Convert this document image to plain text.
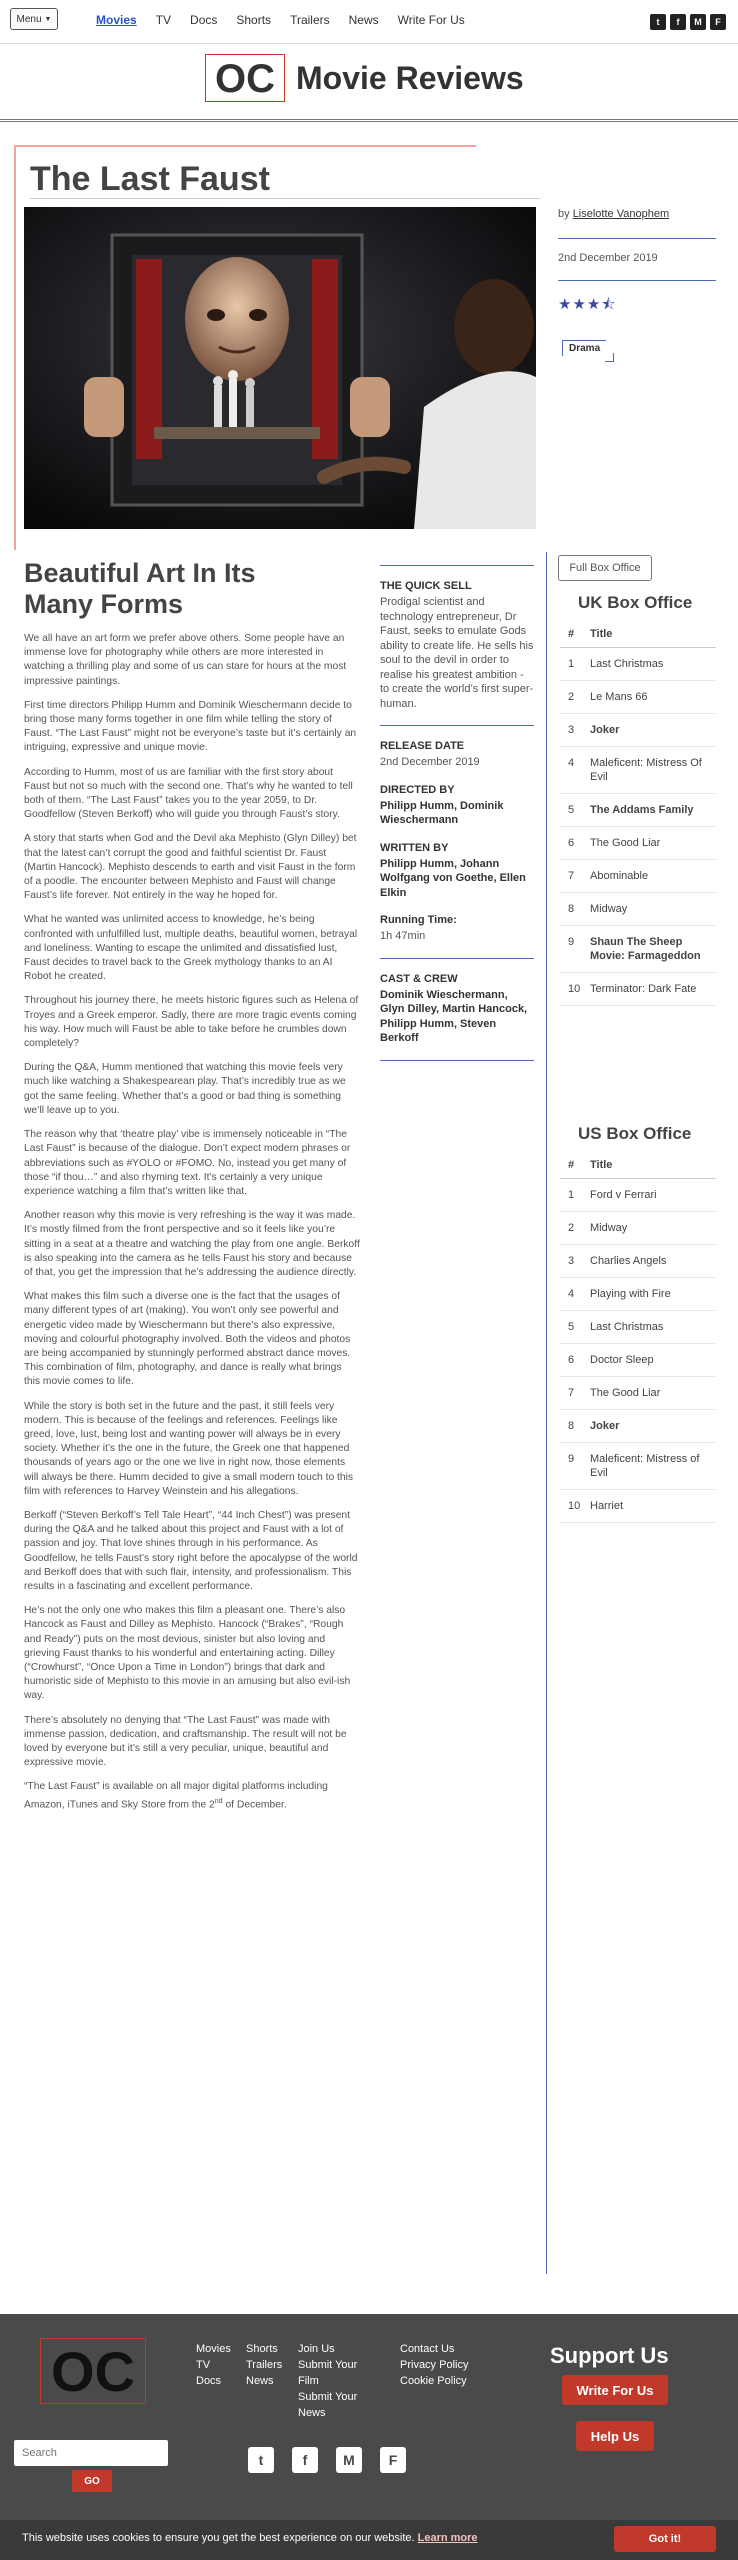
Menu ▼	Movies TV Docs Shorts Trailers News Write For Us	t	f	M	F
OC Movie Reviews
The Last Faust
by Liselotte Vanophem
2nd December 2019
★★★⯪
Drama
Beautiful Art In Its Many Forms

We all have an art form we prefer above others. Some people have an immense love for photography while others are more interested in watching a thrilling play and some of us can stare for hours at the most impressive paintings.

First time directors Philipp Humm and Dominik Wieschermann decide to bring those many forms together in one film while telling the story of Faust. “The Last Faust” might not be everyone’s taste but it’s certainly an intriguing, expressive and unique movie.

According to Humm, most of us are familiar with the first story about Faust but not so much with the second one. That’s why he wanted to tell both of them. “The Last Faust” takes you to the year 2059, to Dr. Goodfellow (Steven Berkoff) who will guide you through Faust’s story.

A story that starts when God and the Devil aka Mephisto (Glyn Dilley) bet that the latest can’t corrupt the good and faithful scientist Dr. Faust (Martin Hancock). Mephisto descends to earth and visit Faust in the form of a poodle. The encounter between Mephisto and Faust will change Faust’s life forever. Not entirely in the way he hoped for.

What he wanted was unlimited access to knowledge, he’s being confronted with unfulfilled lust, multiple deaths, beautiful women, betrayal and loneliness. Wanting to escape the unlimited and dissatisfied lust, Faust decides to travel back to the Greek mythology thanks to an AI Robot he created.

Throughout his journey there, he meets historic figures such as Helena of Troyes and a Greek emperor. Sadly, there are more tragic events coming his way. How much will Faust be able to take before he crumbles down completely?

During the Q&A, Humm mentioned that watching this movie feels very much like watching a Shakespearean play. That’s incredibly true as we got the same feeling. Whether that’s a good or bad thing is something we’ll leave up to you.

The reason why that ‘theatre play’ vibe is immensely noticeable in “The Last Faust” is because of the dialogue. Don’t expect modern phrases or abbreviations such as #YOLO or #FOMO. No, instead you get many of those “if thou…” and also rhyming text. It’s certainly a very unique experience watching a film that’s written like that.

Another reason why this movie is very refreshing is the way it was made. It’s mostly filmed from the front perspective and so it feels like you’re sitting in a seat at a theatre and watching the play from one angle. Berkoff is also speaking into the camera as he tells Faust his story and because of that, you get the impression that he’s addressing the audience directly.

What makes this film such a diverse one is the fact that the usages of many different types of art (making). You won’t only see powerful and energetic video made by Wieschermann but there’s also expressive, moving and colourful photography involved. Both the videos and photos are being accompanied by stunningly performed abstract dance moves. This combination of film, photography, and dance is really what brings this movie comes to life.

While the story is both set in the future and the past, it still feels very modern. This is because of the feelings and references. Feelings like greed, love, lust, being lost and wanting power will always be in every society. Whether it’s the one in the future, the Greek one that happened thousands of years ago or the one we live in right now, those elements will always be there. Humm decided to give a small modern touch to this film with references to Harvey Weinstein and his allegations.

Berkoff (“Steven Berkoff’s Tell Tale Heart”, “44 Inch Chest”) was present during the Q&A and he talked about this project and Faust with a lot of passion and joy. That love shines through in his performance. As Goodfellow, he tells Faust’s story right before the apocalypse of the world and Berkoff does that with such flair, intensity, and professionalism. This results in a fascinating and excellent performance.

He’s not the only one who makes this film a pleasant one. There’s also Hancock as Faust and Dilley as Mephisto. Hancock (“Brakes”, “Rough and Ready”) puts on the most devious, sinister but also loving and grieving Faust thanks to his wonderful and entertaining acting. Dilley (“Crowhurst”, “Once Upon a Time in London”) brings that dark and humoristic side of Mephisto to this movie in an amusing but also evil-ish way.

There’s absolutely no denying that “The Last Faust” was made with immense passion, dedication, and craftsmanship. The result will not be loved by everyone but it’s still a very peculiar, unique, beautiful and expressive movie.

“The Last Faust” is available on all major digital platforms including Amazon, iTunes and Sky Store from the 2nd of December.

THE QUICK SELL
Prodigal scientist and technology entrepreneur, Dr Faust, seeks to emulate Gods ability to create life. He sells his soul to the devil in order to realise his greatest ambition - to create the world’s first super-human.
RELEASE DATE
2nd December 2019
DIRECTED BY
Philipp Humm, Dominik Wieschermann
WRITTEN BY
Philipp Humm, Johann Wolfgang von Goethe, Ellen Elkin
Running Time:
1h 47min
CAST & CREW
Dominik Wieschermann, Glyn Dilley, Martin Hancock, Philipp Humm, Steven Berkoff
Full Box Office
UK Box Office
#	Title
1	Last Christmas
2	Le Mans 66
3	Joker
4	Maleficent: Mistress Of Evil
5	The Addams Family
6	The Good Liar
7	Abominable
8	Midway
9	Shaun The Sheep Movie: Farmageddon
10 Terminator: Dark Fate
US Box Office
#	Title
1	Ford v Ferrari
2	Midway
3	Charlies Angels
4	Playing with Fire
5	Last Christmas
6	Doctor Sleep
7	The Good Liar
8	Joker
9	Maleficent: Mistress of Evil
10 Harriet
OC	Movies
TV
Docs
Shorts
Trailers
News
Join Us
Submit Your Film
Submit Your News
Contact Us
Privacy Policy
Cookie Policy
Search
GO
t	f	M	F
Support Us
Write For Us
Help Us
This website uses cookies to ensure you get the best experience on our website. Learn more	Got it!
